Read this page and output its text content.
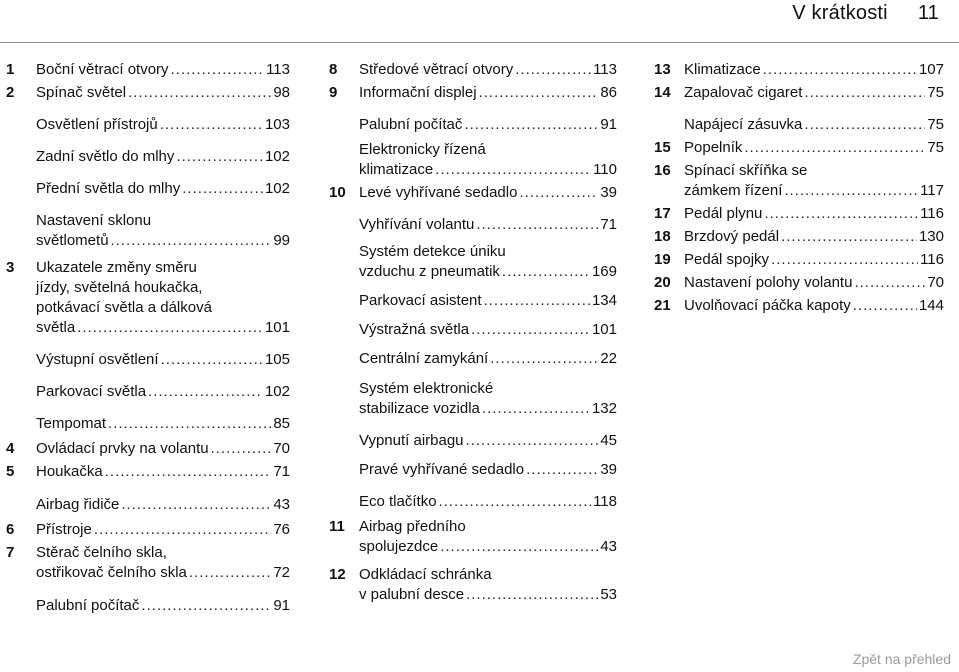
V krátkosti 11
1	Boční větrací otvory .....	113
2	Spínač světel .....	98
Osvětlení přístrojů .....	103
Zadní světlo do mlhy .....	102
Přední světla do mlhy .....	102
Nastavení sklonu
světlometů .....	99
3	Ukazatele změny směru
jízdy, světelná houkačka,
potkávací světla a dálková
světla .....	101
Výstupní osvětlení .....	105
Parkovací světla .....	102
Tempomat .....	85
4	Ovládací prvky na volantu .....	70
5	Houkačka .....	71
Airbag řidiče .....	43
6	Přístroje .....	76
7	Stěrač čelního skla,
ostřikovač čelního skla .....	72
Palubní počítač .....	91
8	Středové větrací otvory .....	113
9	Informační displej .....	86
Palubní počítač .....	91
Elektronicky řízená
klimatizace .....	110
10 Levé vyhřívané sedadlo .....	39
Vyhřívání volantu .....	71
Systém detekce úniku
vzduchu z pneumatik .....	169
Parkovací asistent .....	134
Výstražná světla .....	101
Centrální zamykání .....	22
Systém elektronické
stabilizace vozidla .....	132
Vypnutí airbagu .....	45
Pravé vyhřívané sedadlo .....	39
Eco tlačítko .....	118
11 Airbag předního
spolujezdce .....	43
12 Odkládací schránka
v palubní desce .....	53
13 Klimatizace .....	107
14 Zapalovač cigaret .....	75
Napájecí zásuvka .....	75
15 Popelník .....	75
16 Spínací skříňka se
zámkem řízení .....	117
17 Pedál plynu .....	116
18 Brzdový pedál .....	130
19 Pedál spojky .....	116
20 Nastavení polohy volantu .....	70
21 Uvolňovací páčka kapoty .....	144
Zpět na přehled
